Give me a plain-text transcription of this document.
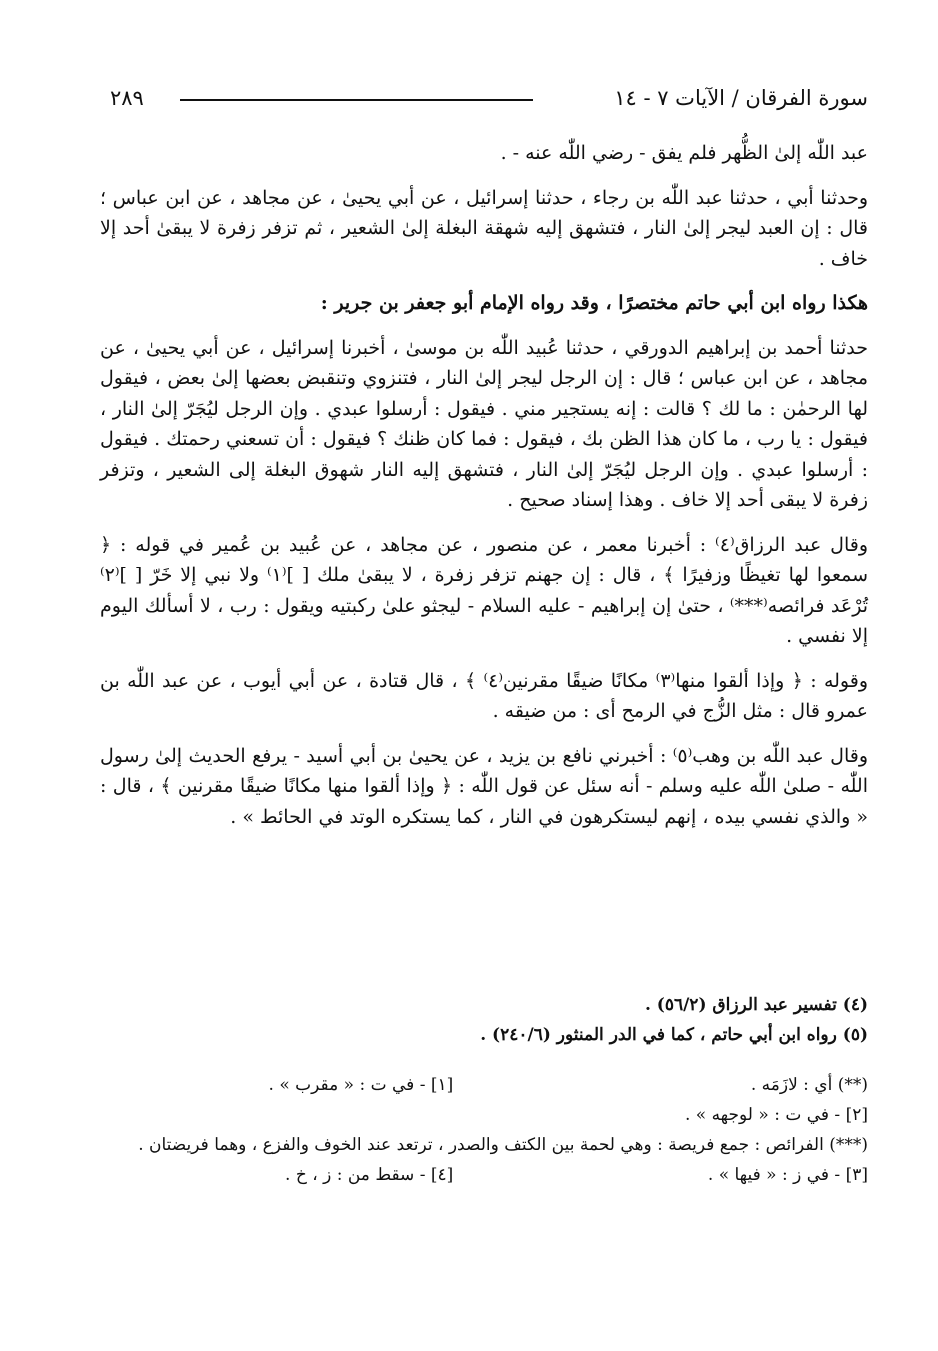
سورة الفرقان / الآيات ٧ - ١٤
٢٨٩

عبد اللّٰه إلىٰ الظُّهر فلم يفق - رضي اللّٰه عنه - .

وحدثنا أبي ، حدثنا عبد اللّٰه بن رجاء ، حدثنا إسرائيل ، عن أبي يحيىٰ ، عن مجاهد ، عن ابن عباس ؛ قال : إن العبد ليجر إلىٰ النار ، فتشهق إليه شهقة البغلة إلىٰ الشعير ، ثم تزفر زفرة لا يبقىٰ أحد إلا خاف .

هكذا رواه ابن أبي حاتم مختصرًا ، وقد رواه الإمام أبو جعفر بن جرير :

حدثنا أحمد بن إبراهيم الدورقي ، حدثنا عُبيد اللّٰه بن موسىٰ ، أخبرنا إسرائيل ، عن أبي يحيىٰ ، عن مجاهد ، عن ابن عباس ؛ قال : إن الرجل ليجر إلىٰ النار ، فتنزوي وتنقبض بعضها إلىٰ بعض ، فيقول لها الرحمٰن : ما لك ؟ قالت : إنه يستجير مني . فيقول : أرسلوا عبدي . وإن الرجل ليُجَرّ إلىٰ النار ، فيقول : يا رب ، ما كان هذا الظن بك ، فيقول : فما كان ظنك ؟ فيقول : أن تسعني رحمتك . فيقول : أرسلوا عبدي . وإن الرجل ليُجَرّ إلىٰ النار ، فتشهق إليه النار شهوق البغلة إلى الشعير ، وتزفر زفرة لا يبقى أحد إلا خاف . وهذا إسناد صحيح .

وقال عبد الرزاق⁽٤⁾ : أخبرنا معمر ، عن منصور ، عن مجاهد ، عن عُبيد بن عُمير في قوله : ﴿ سمعوا لها تغيظًا وزفيرًا ﴾ ، قال : إن جهنم تزفر زفرة ، لا يبقىٰ ملك [ ]⁽١⁾ ولا نبي إلا خَرّ [ ]⁽٢⁾ تُرْعَد فرائصه⁽***⁾ ، حتىٰ إن إبراهيم - عليه السلام - ليجثو علىٰ ركبتيه ويقول : رب ، لا أسألك اليوم إلا نفسي .

وقوله : ﴿ وإذا ألقوا منها⁽٣⁾ مكانًا ضيقًا مقرنين⁽٤⁾ ﴾ ، قال قتادة ، عن أبي أيوب ، عن عبد اللّٰه بن عمرو قال : مثل الزُّج في الرمح أى : من ضيقه .

وقال عبد اللّٰه بن وهب⁽٥⁾ : أخبرني نافع بن يزيد ، عن يحيىٰ بن أبي أسيد - يرفع الحديث إلىٰ رسول اللّٰه - صلىٰ اللّٰه عليه وسلم - أنه سئل عن قول اللّٰه : ﴿ وإذا ألقوا منها مكانًا ضيقًا مقرنين ﴾ ، قال : « والذي نفسي بيده ، إنهم ليستكرهون في النار ، كما يستكره الوتد في الحائط » .

(٤) تفسير عبد الرزاق (٥٦/٢) .

(٥) رواه ابن أبي حاتم ، كما في الدر المنثور (٢٤٠/٦) .

(**) أي : لازَمَه .
[١] - في ت : « مقرب » .

[٢] - في ت : « لوجهه » .

(***) الفرائص : جمع فريصة : وهي لحمة بين الكتف والصدر ، ترتعد عند الخوف والفزع ، وهما فريضتان .

[٣] - في ز : « فيها » .
[٤] - سقط من : ز ، خ .
